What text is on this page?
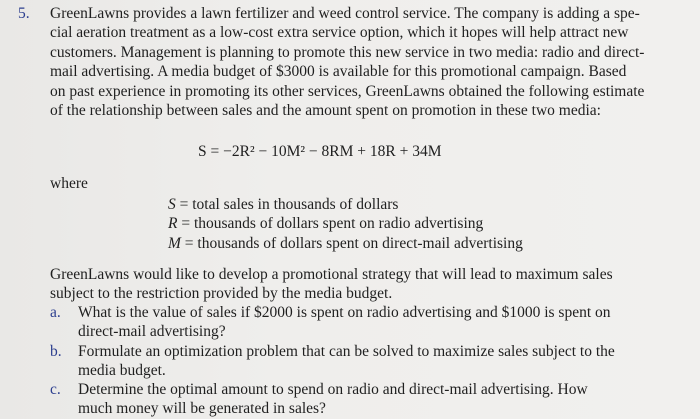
5. GreenLawns provides a lawn fertilizer and weed control service. The company is adding a spe-
cial aeration treatment as a low-cost extra service option, which it hopes will help attract new
customers. Management is planning to promote this new service in two media: radio and direct-
mail advertising. A media budget of $3000 is available for this promotional campaign. Based
on past experience in promoting its other services, GreenLawns obtained the following estimate
of the relationship between sales and the amount spent on promotion in these two media:
S = −2R² − 10M² − 8RM + 18R + 34M
where
S = total sales in thousands of dollars
R = thousands of dollars spent on radio advertising
M = thousands of dollars spent on direct-mail advertising
GreenLawns would like to develop a promotional strategy that will lead to maximum sales
subject to the restriction provided by the media budget.
a. What is the value of sales if $2000 is spent on radio advertising and $1000 is spent on
direct-mail advertising?
b. Formulate an optimization problem that can be solved to maximize sales subject to the
media budget.
c. Determine the optimal amount to spend on radio and direct-mail advertising. How
much money will be generated in sales?
